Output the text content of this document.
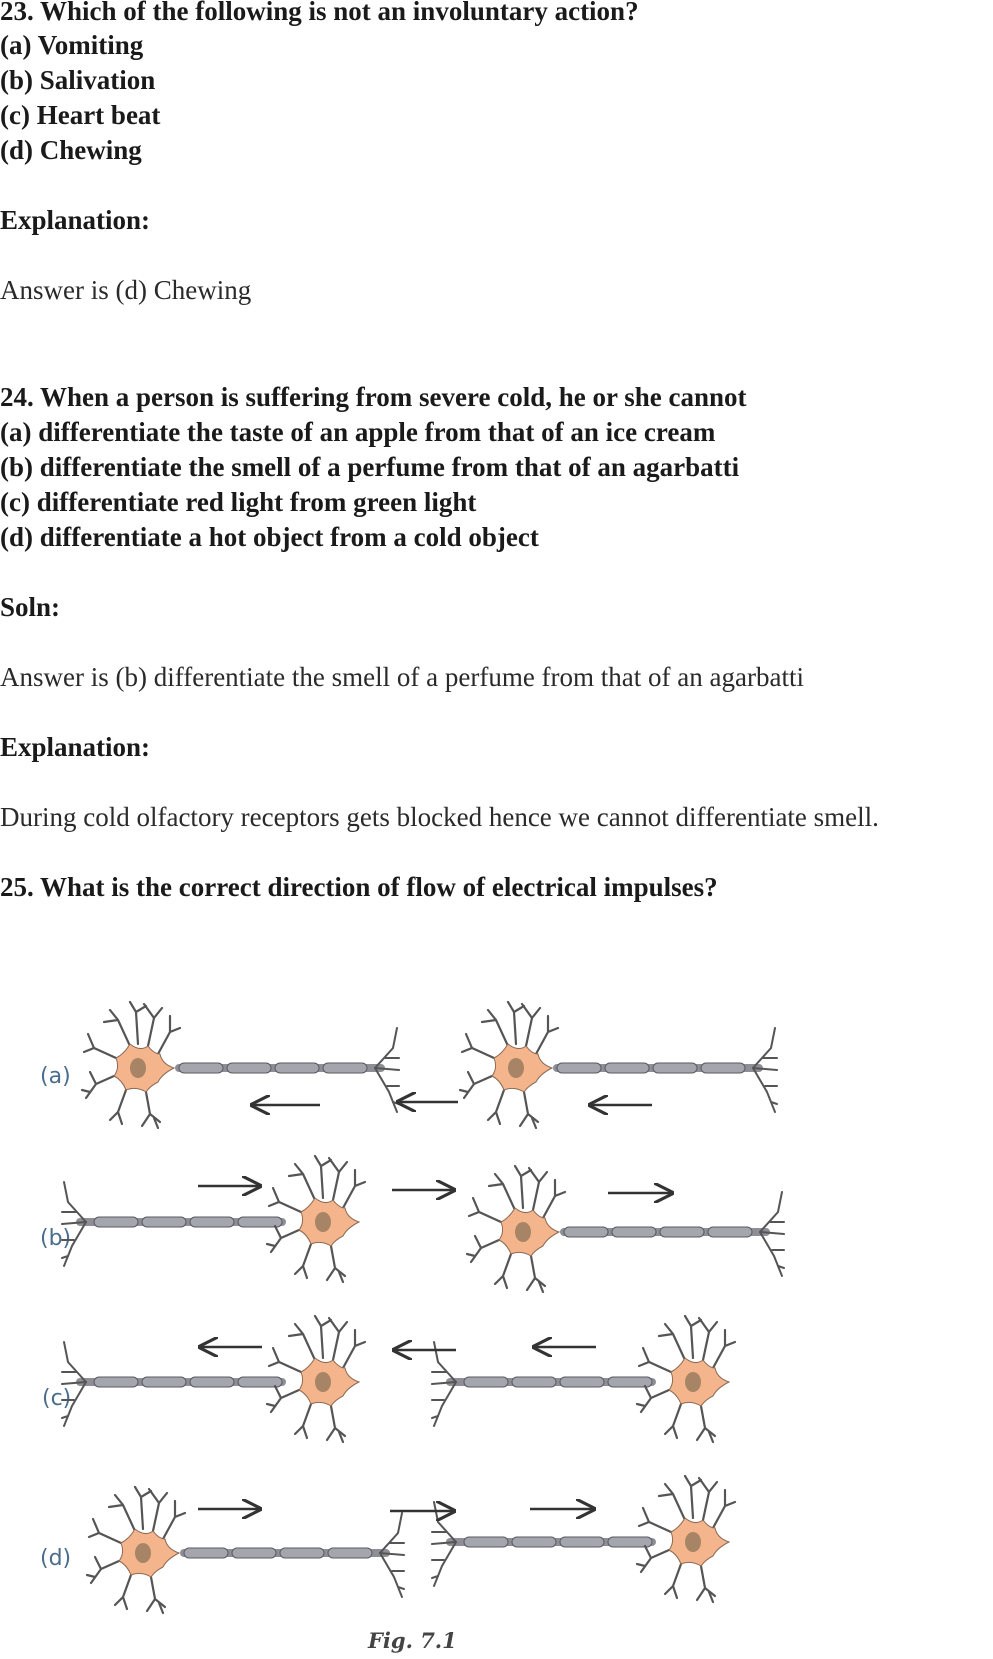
23. Which of the following is not an involuntary action?
(a) Vomiting
(b) Salivation
(c) Heart beat
(d) Chewing
Explanation:
Answer is (d) Chewing
24. When a person is suffering from severe cold, he or she cannot
(a) differentiate the taste of an apple from that of an ice cream
(b) differentiate the smell of a perfume from that of an agarbatti
(c) differentiate red light from green light
(d) differentiate a hot object from a cold object
Soln:
Answer is (b) differentiate the smell of a perfume from that of an agarbatti
Explanation:
During cold olfactory receptors gets blocked hence we cannot differentiate smell.
25. What is the correct direction of flow of electrical impulses?
(a)
(b)
(c)
(d)
Fig. 7.1
